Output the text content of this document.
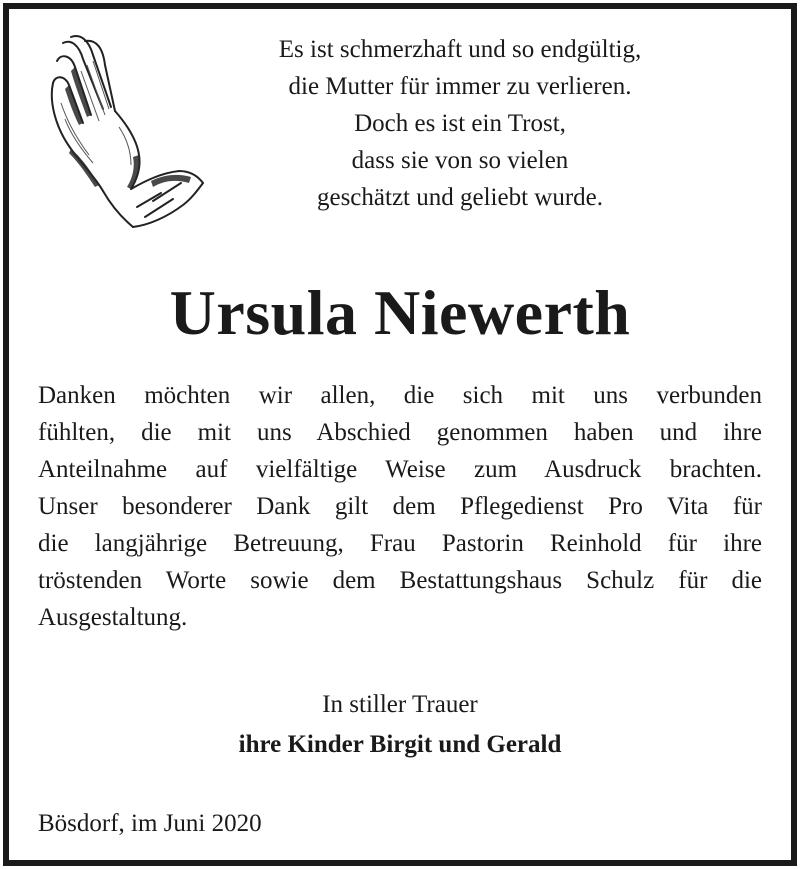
Es ist schmerzhaft und so endgültig,
die Mutter für immer zu verlieren.
Doch es ist ein Trost,
dass sie von so vielen
geschätzt und geliebt wurde.
Ursula Niewerth
Danken möchten wir allen, die sich mit uns verbunden
fühlten, die mit uns Abschied genommen haben und ihre
Anteilnahme auf vielfältige Weise zum Ausdruck brachten.
Unser besonderer Dank gilt dem Pflegedienst Pro Vita für
die langjährige Betreuung, Frau Pastorin Reinhold für ihre
tröstenden Worte sowie dem Bestattungshaus Schulz für die
Ausgestaltung.
In stiller Trauer
ihre Kinder Birgit und Gerald
Bösdorf, im Juni 2020
